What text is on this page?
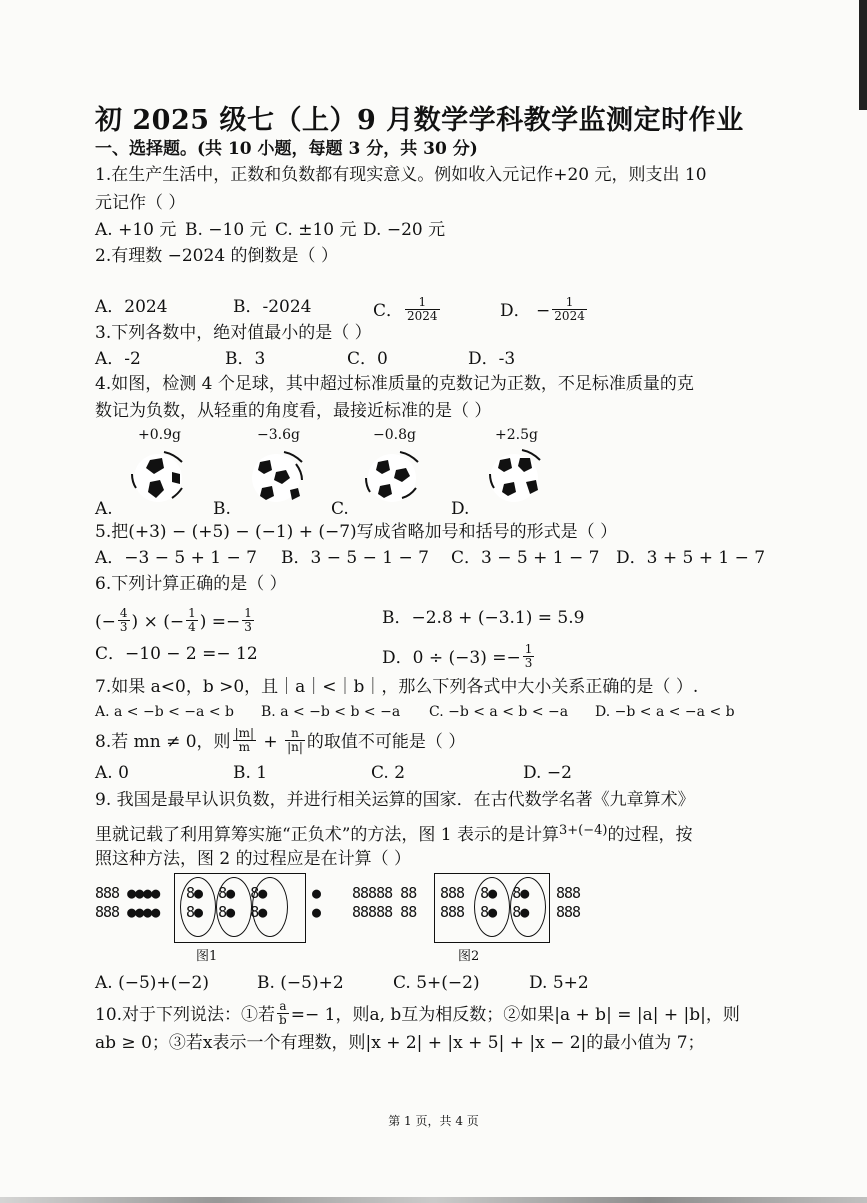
初 2025 级七（上）9 月数学学科教学监测定时作业
一、选择题。(共 10 小题，每题 3 分，共 30 分)
1.在生产生活中，正数和负数都有现实意义。例如收入元记作+20 元，则支出 10
元记作（ ）
A. +10 元 B. −10 元 C. ±10 元 D. −20 元
2.有理数 −2024 的倒数是（ ）
A．2024	B．-2024	C． $\frac{1}{2024}$	D． − $\frac{1}{2024}$
3.下列各数中，绝对值最小的是（ ）
A．-2	B．3	C．0	D．-3
4.如图，检测 4 个足球，其中超过标准质量的克数记为正数，不足标准质量的克
数记为负数，从轻重的角度看，最接近标准的是（ ）
+0.9g	−3.6g	−0.8g	+2.5g
A.	B.	C.	D.
5.把(+3) − (+5) − (−1) + (−7)写成省略加号和括号的形式是（ ）
A．−3 − 5 + 1 − 7 B．3 − 5 − 1 − 7 C．3 − 5 + 1 − 7 D．3 + 5 + 1 − 7
6.下列计算正确的是（ ）
(− $\frac{4}{3}$ ) × (− $\frac{1}{4}$ ) =− $\frac{1}{3}$	B．−2.8 + (−3.1) = 5.9
C．−10 − 2 =− 12	D．$0 \div (-3) =- \frac{1}{3}$
7.如果 a<0，b >0，且｜a｜<｜b｜，那么下列各式中大小关系正确的是（ ）.
A. a < −b < −a < b B. a < −b < b < −a C. −b < a < b < −a D. −b < a < −a < b
8.若 mn ≠ 0，则 $\frac{|m|}{m} + \frac{n}{|n|}$ 的取值不可能是（ ）
A. 0	B. 1	C. 2	D. −2
9. 我国是最早认识负数，并进行相关运算的国家．在古代数学名著《九章算术》
里就记载了利用算筹实施“正负术”的方法，图 1 表示的是计算$^{3+(-4)}$的过程，按
照这种方法，图 2 的过程应是在计算（ ）
888 ●●●●
888 ●●●●
8●  8●  8●
8●  8●  8●
●
●
图1
88888 88
88888 88
888  8●  8●
888  8●  8●
888
888
图2
A. (−5)+(−2)	B. (−5)+2	C. 5+(−2)	D. 5+2
10.对于下列说法：①若 $\frac{a}{b} =- 1$，则a, b互为相反数；②如果|a + b| = |a| + |b|，则
ab ≥ 0；③若x表示一个有理数，则|x + 2| + |x + 5| + |x − 2|的最小值为 7；
第 1 页，共 4 页
